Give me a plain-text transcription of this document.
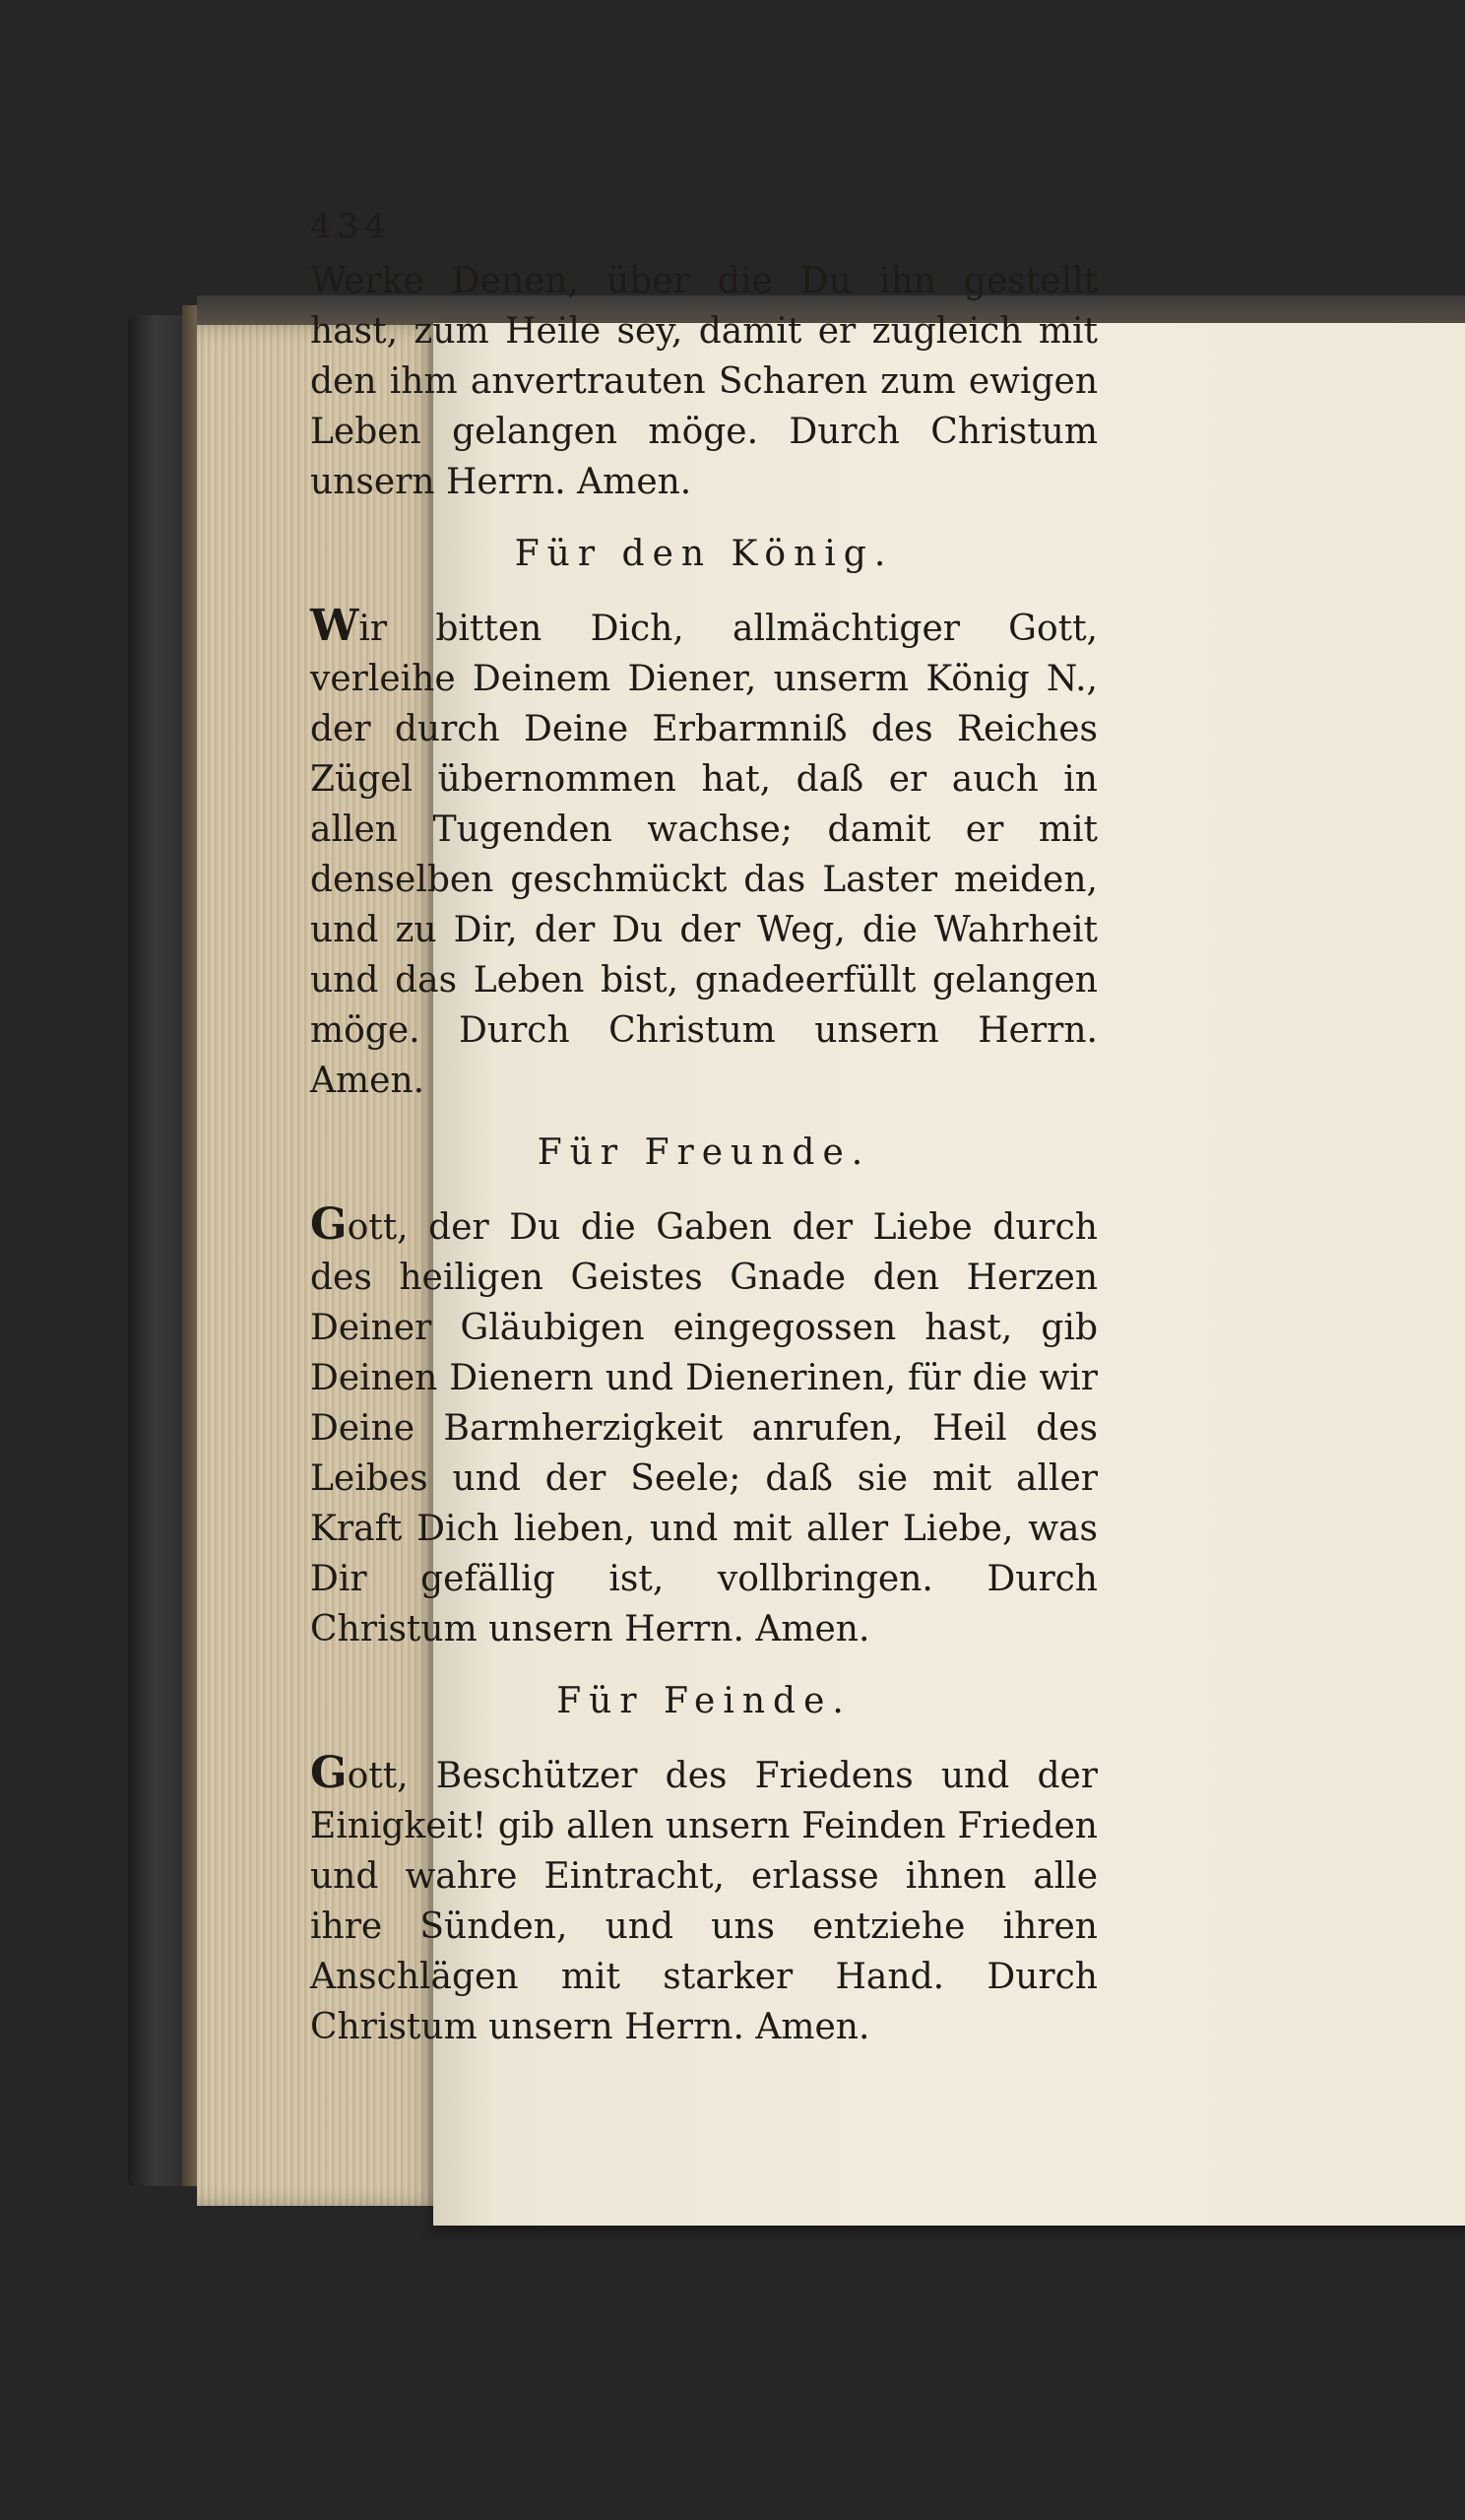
434

Werke Denen, über die Du ihn gestellt hast, zum Heile sey, damit er zugleich mit den ihm anvertrauten Scharen zum ewigen Leben gelangen möge. Durch Christum unsern Herrn. Amen.

Für den König.

Wir bitten Dich, allmächtiger Gott, verleihe Deinem Diener, unserm König N., der durch Deine Erbarmniß des Reiches Zügel übernommen hat, daß er auch in allen Tugenden wachse; damit er mit denselben geschmückt das Laster meiden, und zu Dir, der Du der Weg, die Wahrheit und das Leben bist, gnadeerfüllt gelangen möge. Durch Christum unsern Herrn. Amen.

Für Freunde.

Gott, der Du die Gaben der Liebe durch des heiligen Geistes Gnade den Herzen Deiner Gläubigen eingegossen hast, gib Deinen Dienern und Dienerinen, für die wir Deine Barmherzigkeit anrufen, Heil des Leibes und der Seele; daß sie mit aller Kraft Dich lieben, und mit aller Liebe, was Dir gefällig ist, vollbringen. Durch Christum unsern Herrn. Amen.

Für Feinde.

Gott, Beschützer des Friedens und der Einigkeit! gib allen unsern Feinden Frieden und wahre Eintracht, erlasse ihnen alle ihre Sünden, und uns entziehe ihren Anschlägen mit starker Hand. Durch Christum unsern Herrn. Amen.
